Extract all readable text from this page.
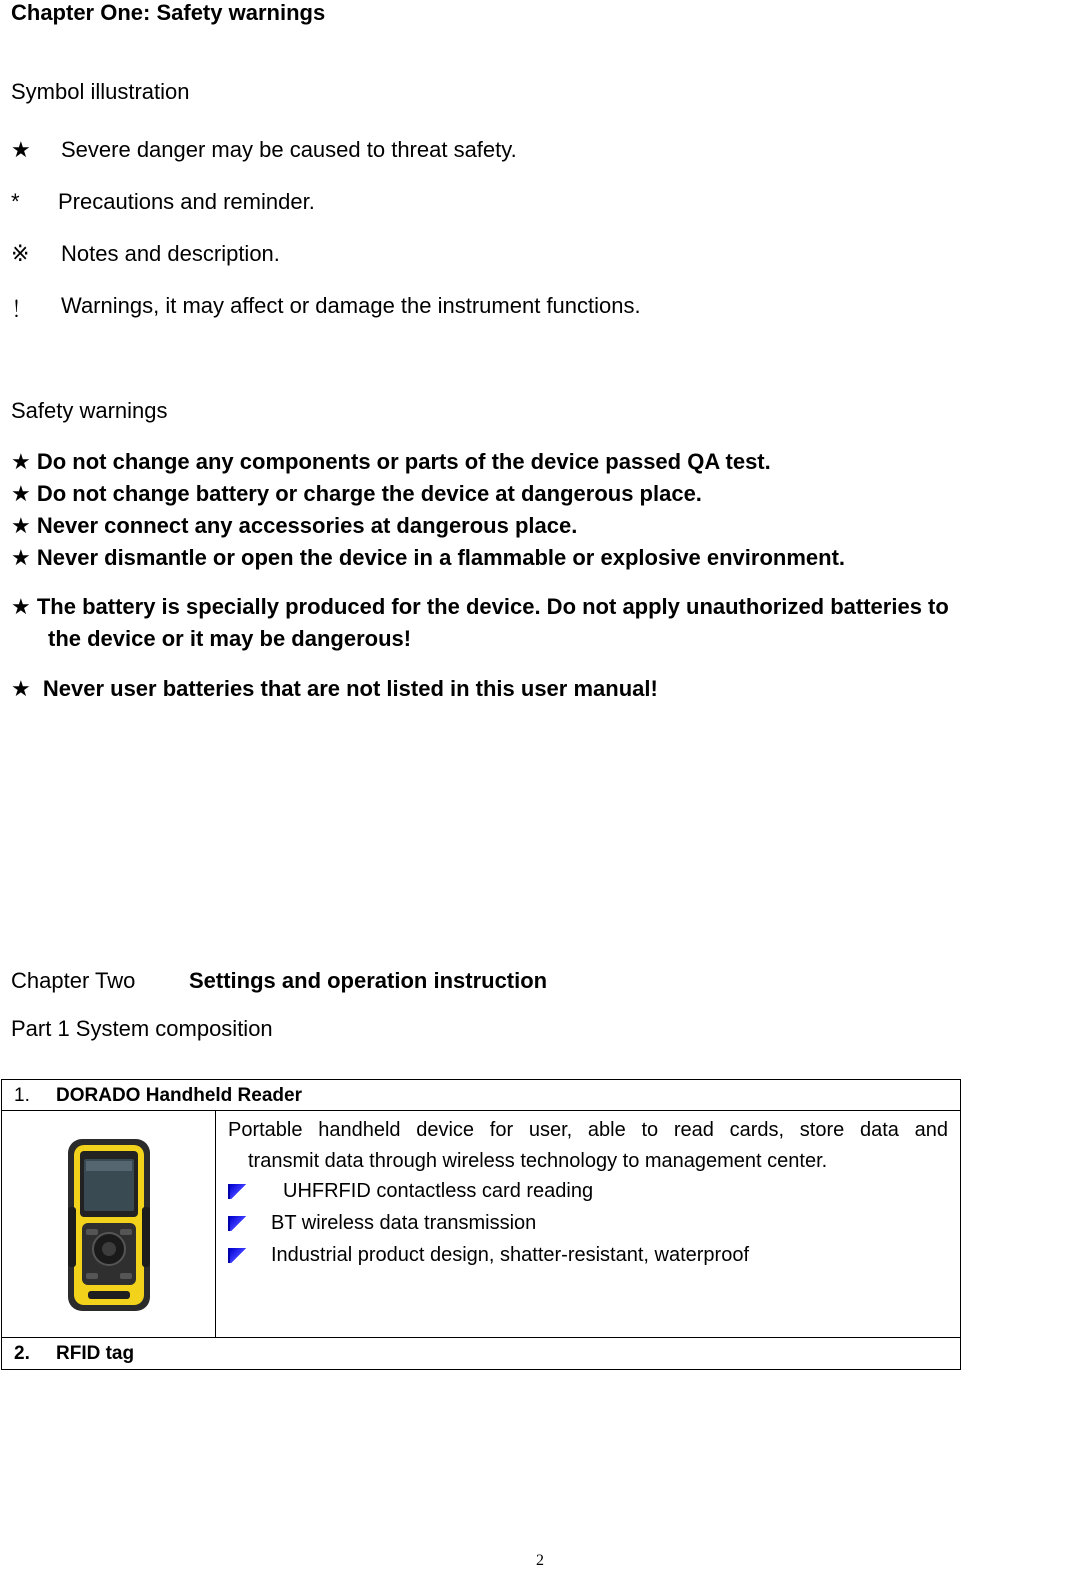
Chapter One: Safety warnings
Symbol illustration
★ Severe danger may be caused to threat safety.
* Precautions and reminder.
※ Notes and description.
！ Warnings, it may affect or damage the instrument functions.
Safety warnings
★ Do not change any components or parts of the device passed QA test.
★ Do not change battery or charge the device at dangerous place.
★ Never connect any accessories at dangerous place.
★ Never dismantle or open the device in a flammable or explosive environment.
★ The battery is specially produced for the device. Do not apply unauthorized batteries to
the device or it may be dangerous!
★ Never user batteries that are not listed in this user manual!
Chapter Two Settings and operation instruction
Part 1 System composition
1. DORADO Handheld Reader

Portable handheld device for user, able to read cards, store data and
transmit data through wireless technology to management center.
UHFRFID contactless card reading
BT wireless data transmission
Industrial product design, shatter-resistant, waterproof

2. RFID tag
2
